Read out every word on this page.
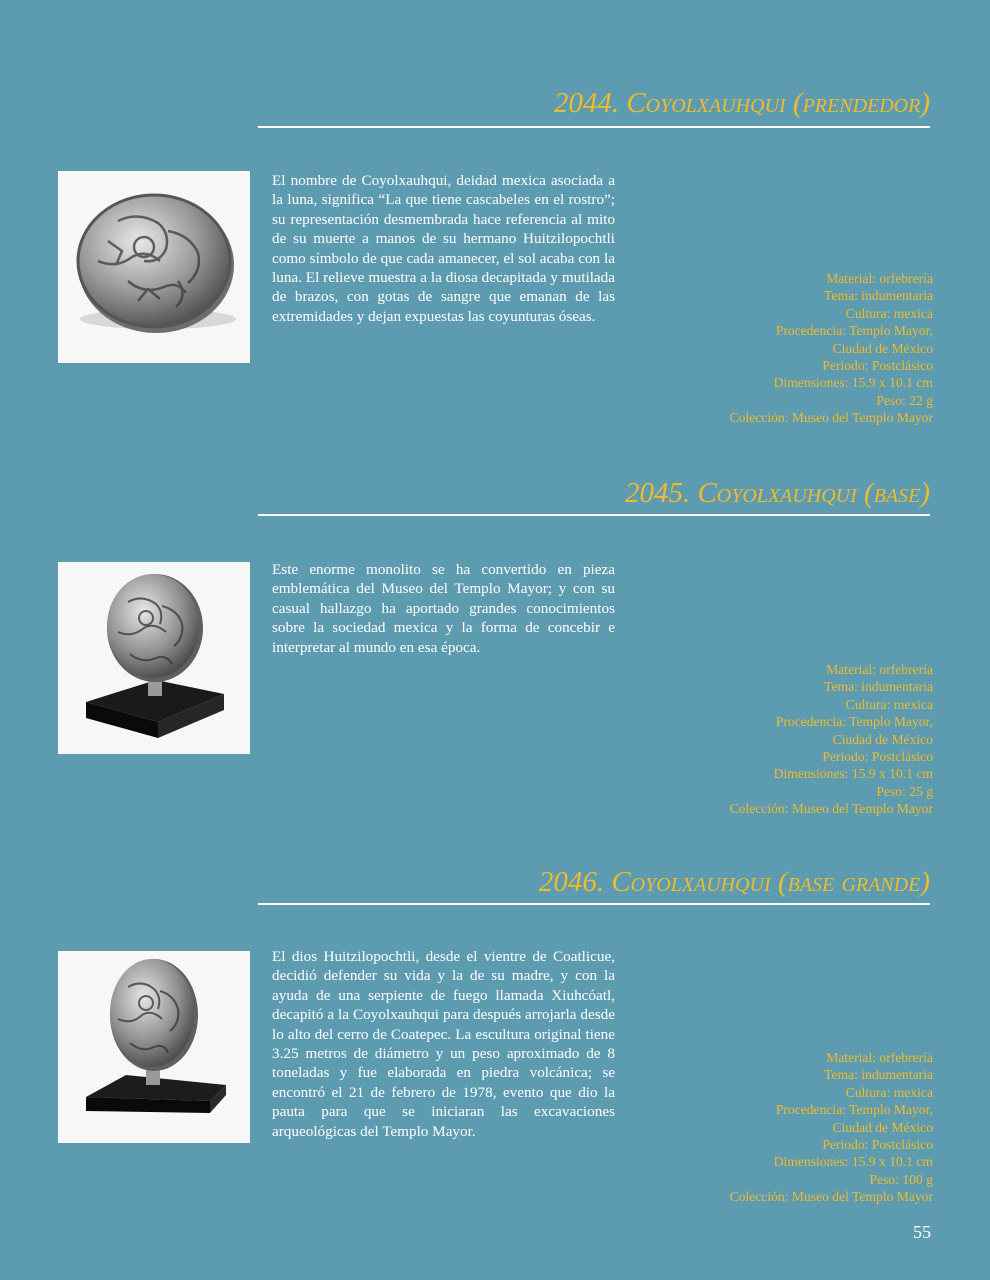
2044. Coyolxauhqui (prendedor)

El nombre de Coyolxauhqui, deidad mexica asociada a la luna, significa “La que tiene cascabeles en el rostro”; su representación desmembrada hace referencia al mito de su muerte a manos de su hermano Huitzilopochtli como símbolo de que cada amanecer, el sol acaba con la luna. El relieve muestra a la diosa decapitada y mutilada de brazos, con gotas de sangre que emanan de las extremidades y dejan expuestas las coyunturas óseas.

Material: orfebrería
Tema: indumentaria
Cultura: mexica
Procedencia: Templo Mayor,
Ciudad de México
Periodo: Postclásico
Dimensiones: 15.9 x 10.1 cm
Peso: 22 g
Colección: Museo del Templo Mayor
2045. Coyolxauhqui (base)

Este enorme monolito se ha convertido en pieza emblemática del Museo del Templo Mayor; y con su casual hallazgo ha aportado grandes conocimientos sobre la sociedad mexica y la forma de concebir e interpretar al mundo en esa época.

Material: orfebrería
Tema: indumentaria
Cultura: mexica
Procedencia: Templo Mayor,
Ciudad de México
Periodo: Postclásico
Dimensiones: 15.9 x 10.1 cm
Peso: 25 g
Colección: Museo del Templo Mayor
2046. Coyolxauhqui (base grande)

El dios Huitzilopochtli, desde el vientre de Coatlicue, decidió defender su vida y la de su madre, y con la ayuda de una serpiente de fuego llamada Xiuhcóatl, decapitó a la Coyolxauhqui para después arrojarla desde lo alto del cerro de Coatepec. La escultura original tiene 3.25 metros de diámetro y un peso aproximado de 8 toneladas y fue elaborada en piedra volcánica; se encontró el 21 de febrero de 1978, evento que dio la pauta para que se iniciaran las excavaciones arqueológicas del Templo Mayor.

Material: orfebrería
Tema: indumentaria
Cultura: mexica
Procedencia: Templo Mayor,
Ciudad de México
Periodo: Postclásico
Dimensiones: 15.9 x 10.1 cm
Peso: 100 g
Colección: Museo del Templo Mayor
55
